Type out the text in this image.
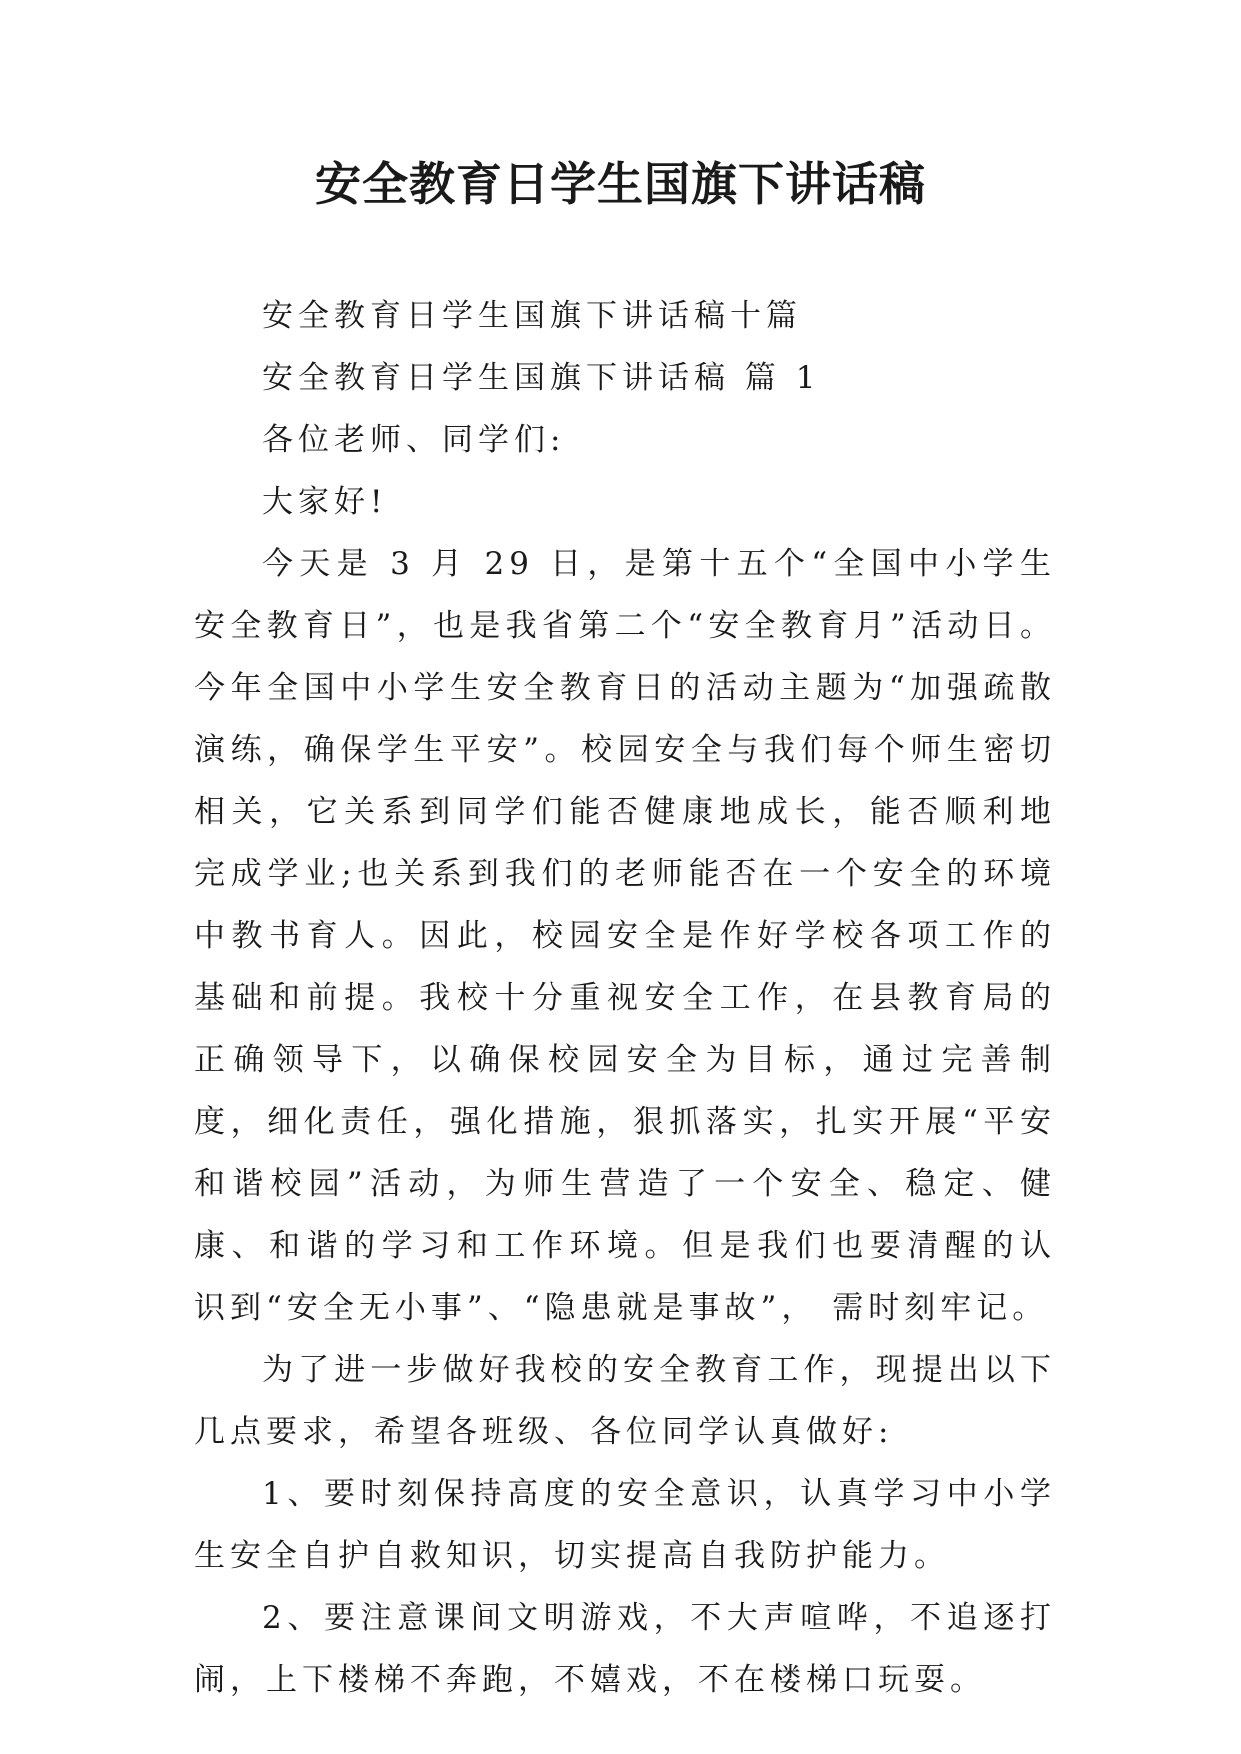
安全教育日学生国旗下讲话稿

安全教育日学生国旗下讲话稿十篇

安全教育日学生国旗下讲话稿 篇 1

各位老师、同学们:

大家好!

今天是 3 月 29 日，是第十五个“全国中小学生安全教育日”，也是我省第二个“安全教育月”活动日。今年全国中小学生安全教育日的活动主题为“加强疏散演练，确保学生平安”。校园安全与我们每个师生密切相关，它关系到同学们能否健康地成长，能否顺利地完成学业;也关系到我们的老师能否在一个安全的环境中教书育人。因此，校园安全是作好学校各项工作的基础和前提。我校十分重视安全工作，在县教育局的正确领导下，以确保校园安全为目标，通过完善制度，细化责任，强化措施，狠抓落实，扎实开展“平安和谐校园”活动，为师生营造了一个安全、稳定、健康、和谐的学习和工作环境。但是我们也要清醒的认识到“安全无小事”、“隐患就是事故”， 需时刻牢记。

为了进一步做好我校的安全教育工作，现提出以下几点要求，希望各班级、各位同学认真做好:

1、要时刻保持高度的安全意识，认真学习中小学生安全自护自救知识，切实提高自我防护能力。

2、要注意课间文明游戏，不大声喧哗，不追逐打闹，上下楼梯不奔跑，不嬉戏，不在楼梯口玩耍。
